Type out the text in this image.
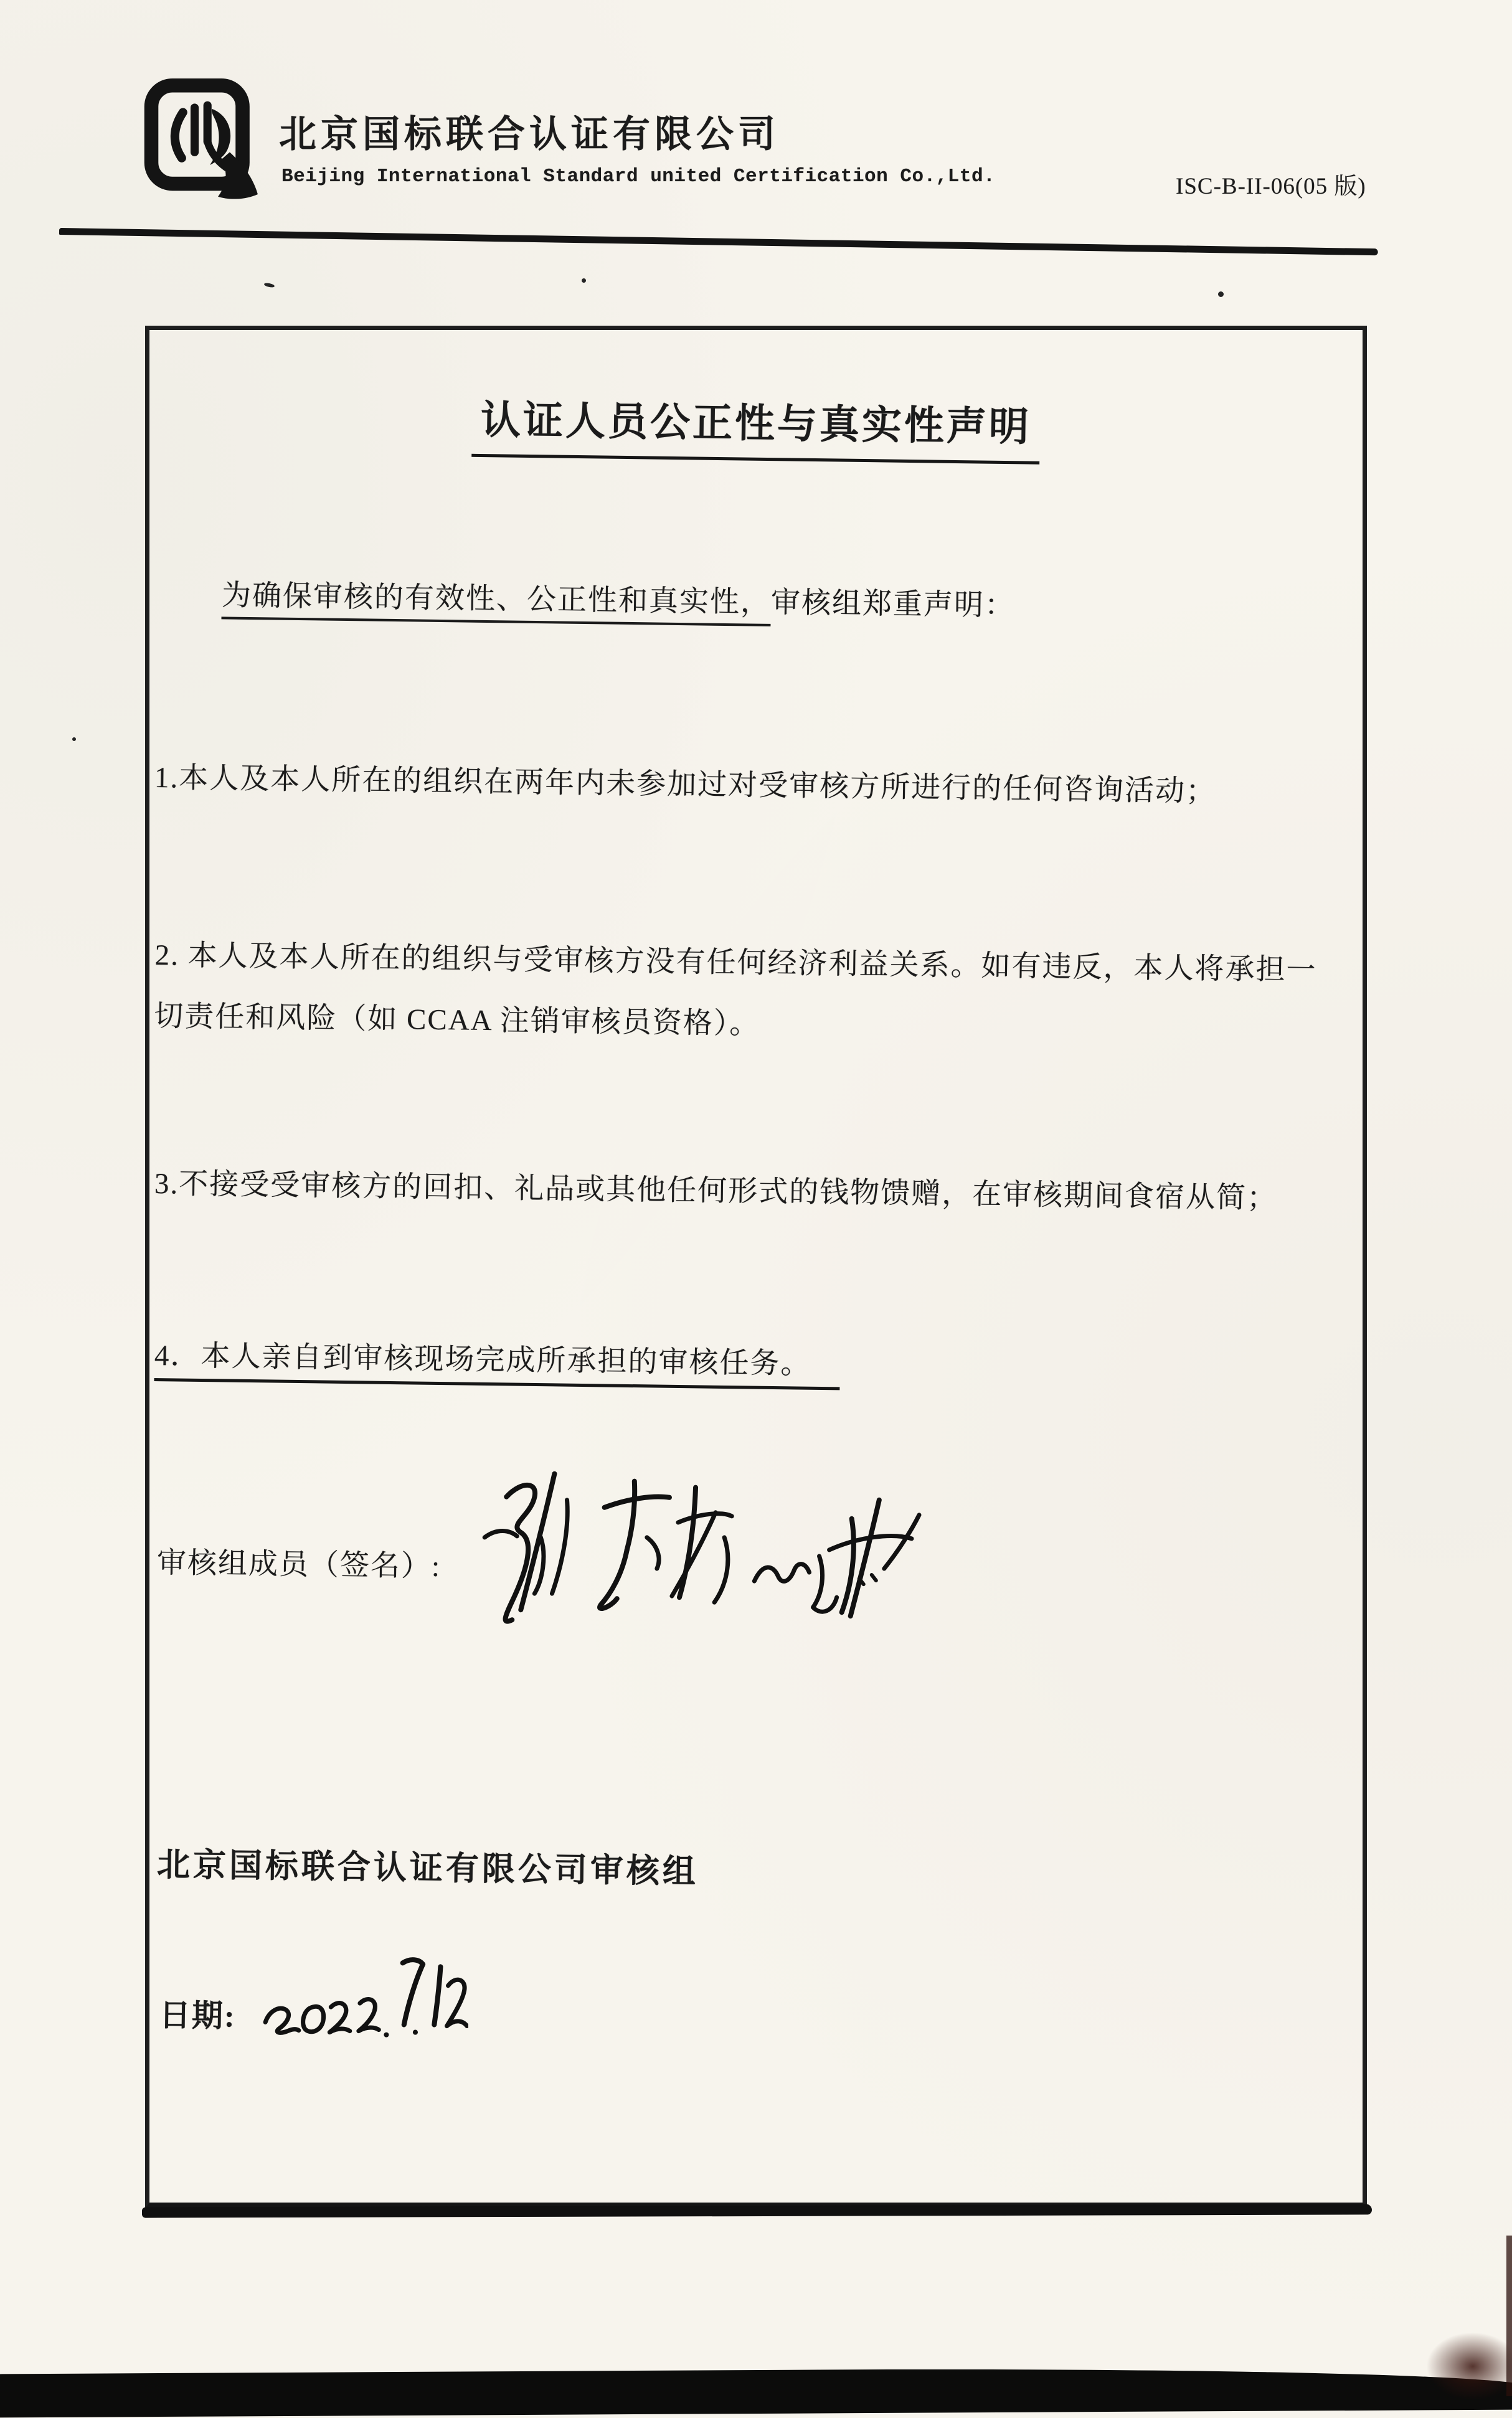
北京国标联合认证有限公司
Beijing International Standard united Certification Co.,Ltd.	ISC-B-II-06(05 版)
认证人员公正性与真实性声明

为确保审核的有效性、公正性和真实性，审核组郑重声明：

1.本人及本人所在的组织在两年内未参加过对受审核方所进行的任何咨询活动；

2. 本人及本人所在的组织与受审核方没有任何经济利益关系。如有违反，本人将承担一切责任和风险（如 CCAA 注销审核员资格）。

3.不接受受审核方的回扣、礼品或其他任何形式的钱物馈赠，在审核期间食宿从简；

4．本人亲自到审核现场完成所承担的审核任务。

审核组成员（签名）:
北京国标联合认证有限公司审核组
日期:
